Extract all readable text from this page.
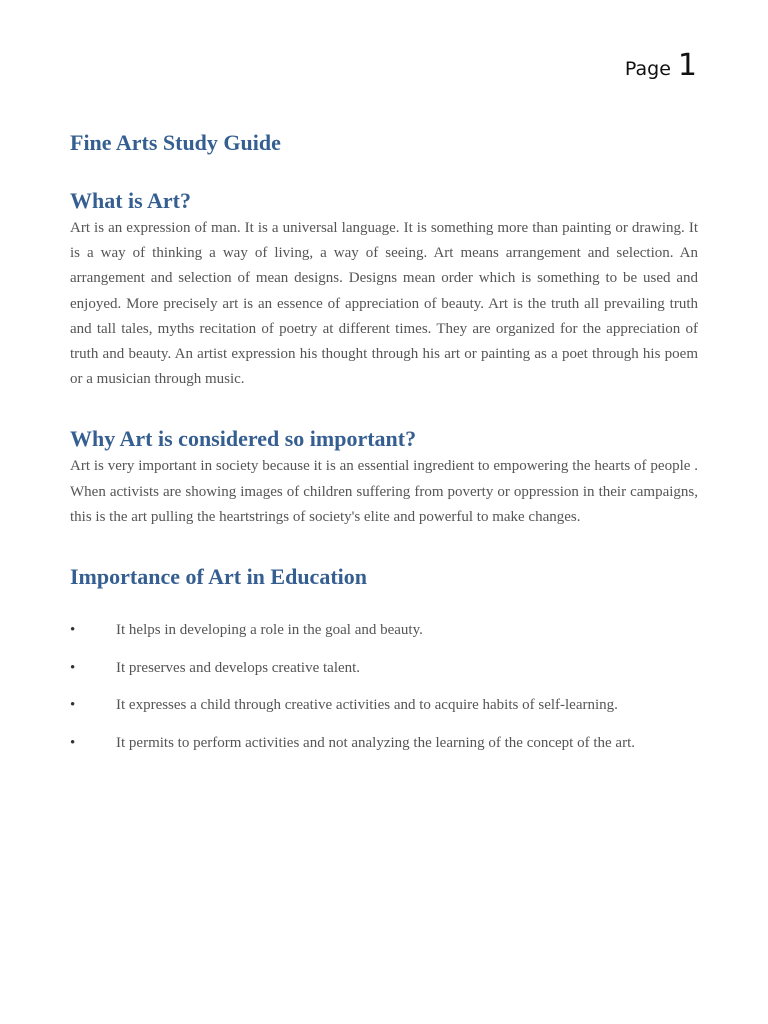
Page 1
Fine Arts Study Guide
What is Art?

Art is an expression of man. It is a universal language. It is something more than painting or drawing. It is a way of thinking a way of living, a way of seeing. Art means arrangement and selection. An arrangement and selection of mean designs. Designs mean order which is something to be used and enjoyed. More precisely art is an essence of appreciation of beauty. Art is the truth all prevailing truth and tall tales, myths recitation of poetry at different times. They are organized for the appreciation of truth and beauty. An artist expression his thought through his art or painting as a poet through his poem or a musician through music.

Why Art is considered so important?

Art is very important in society because it is an essential ingredient to empowering the hearts of people . When activists are showing images of children suffering from poverty or oppression in their campaigns, this is the art pulling the heartstrings of society's elite and powerful to make changes.

Importance of Art in Education
•	It helps in developing a role in the goal and beauty.
•	It preserves and develops creative talent.
•	It expresses a child through creative activities and to acquire habits of self-learning.
•	It permits to perform activities and not analyzing the learning of the concept of the art.
